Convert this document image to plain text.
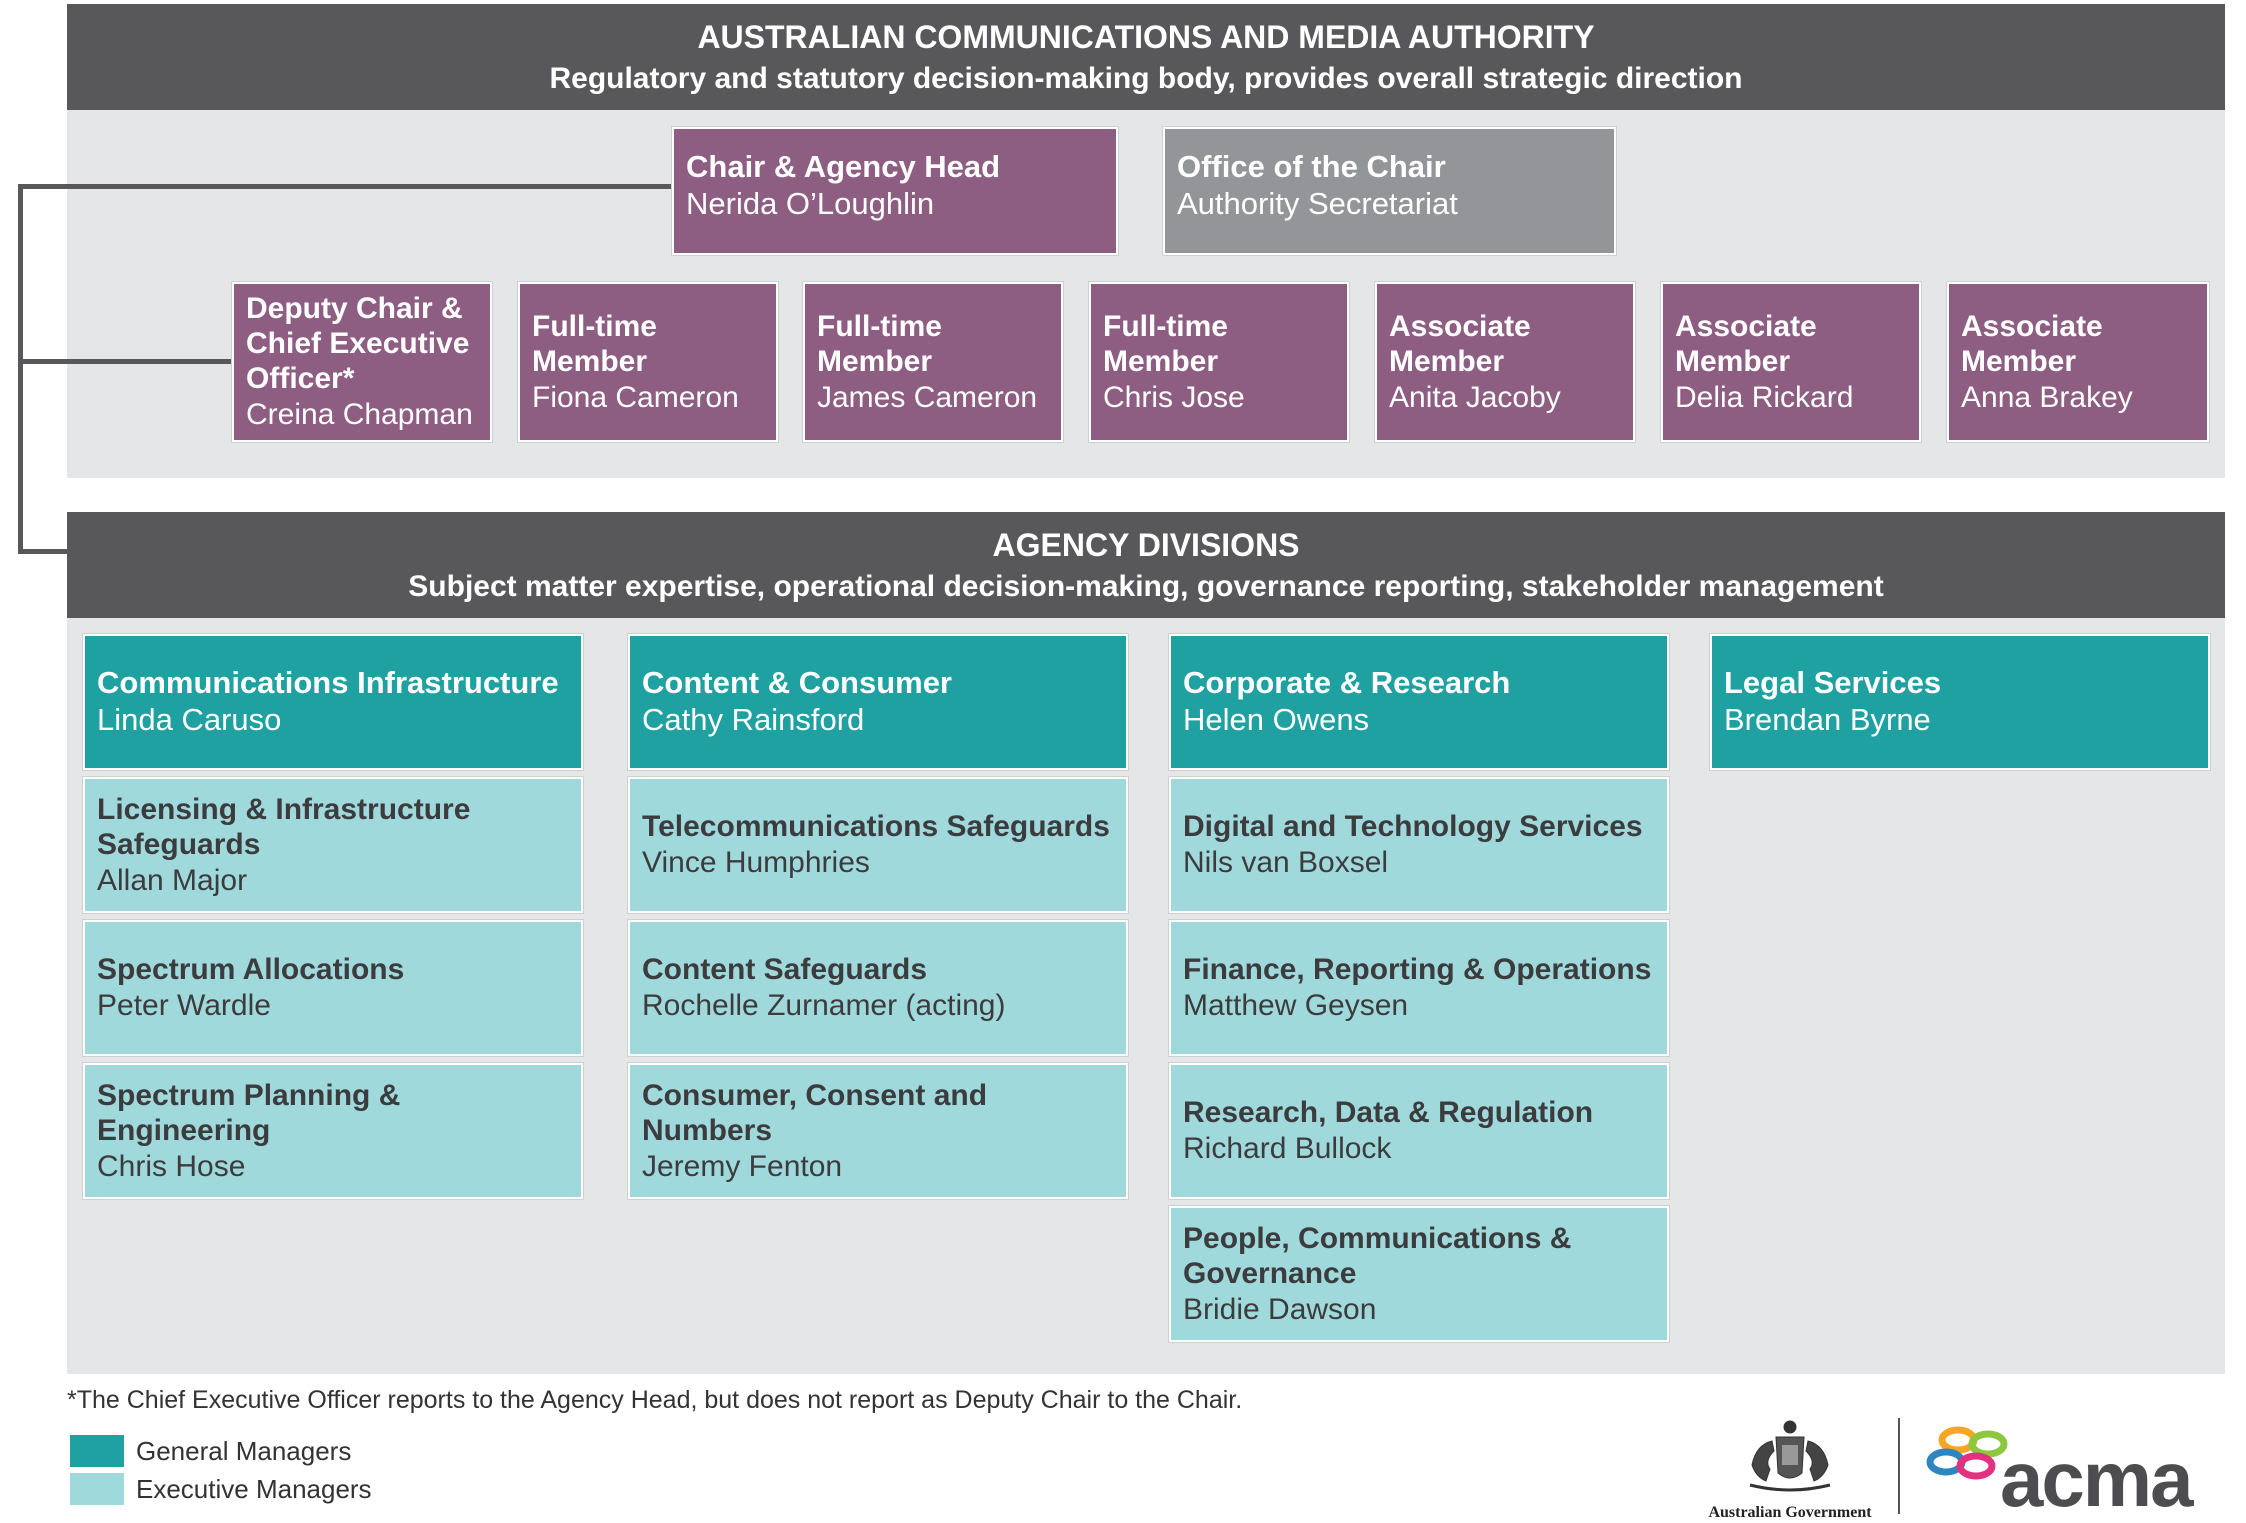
AUSTRALIAN COMMUNICATIONS AND MEDIA AUTHORITY
Regulatory and statutory decision-making body, provides overall strategic direction
Chair & Agency Head
Nerida O’Loughlin
Office of the Chair
Authority Secretariat
Deputy Chair & Chief Executive Officer*
Creina Chapman
Full-time Member
Fiona Cameron
Full-time Member
James Cameron
Full-time Member
Chris Jose
Associate Member
Anita Jacoby
Associate Member
Delia Rickard
Associate Member
Anna Brakey
AGENCY DIVISIONS
Subject matter expertise, operational decision-making, governance reporting, stakeholder management
Communications Infrastructure
Linda Caruso
Licensing & Infrastructure Safeguards
Allan Major
Spectrum Allocations
Peter Wardle
Spectrum Planning & Engineering
Chris Hose
Content & Consumer
Cathy Rainsford
Telecommunications Safeguards
Vince Humphries
Content Safeguards
Rochelle Zurnamer (acting)
Consumer, Consent and Numbers
Jeremy Fenton
Corporate & Research
Helen Owens
Digital and Technology Services
Nils van Boxsel
Finance, Reporting & Operations
Matthew Geysen
Research, Data & Regulation
Richard Bullock
People, Communications & Governance
Bridie Dawson
Legal Services
Brendan Byrne
*The Chief Executive Officer reports to the Agency Head, but does not report as Deputy Chair to the Chair.
General Managers
Executive Managers
Australian Government acma
